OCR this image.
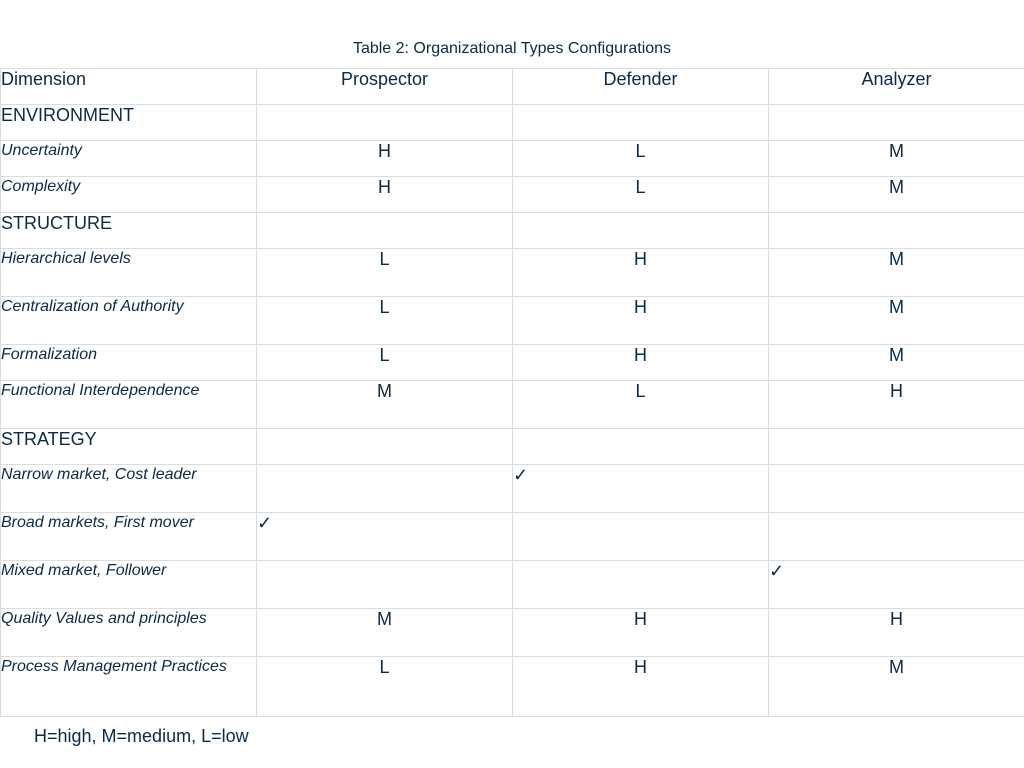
Table 2: Organizational Types Configurations
Dimension	Prospector	Defender	Analyzer
ENVIRONMENT			
Uncertainty	H	L	M
Complexity	H	L	M
STRUCTURE			
Hierarchical levels	L	H	M
Centralization of Authority	L	H	M
Formalization	L	H	M
Functional Interdependence	M	L	H
STRATEGY			
Narrow market, Cost leader		✓	
Broad markets, First mover	✓		
Mixed market, Follower			✓
Quality Values and principles	M	H	H
Process Management Practices	L	H	M
H=high, M=medium, L=low
